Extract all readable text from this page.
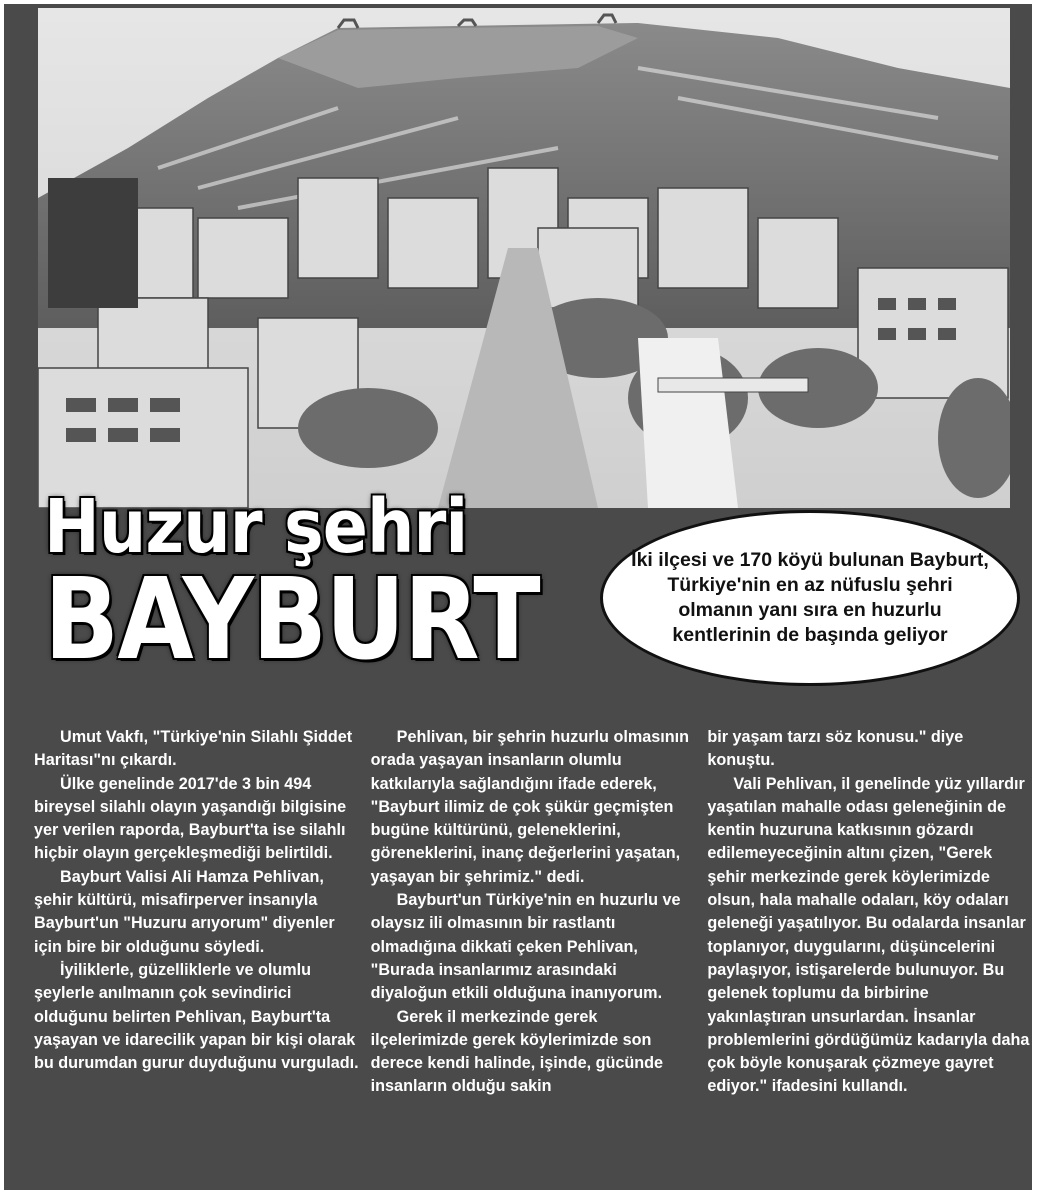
Huzur şehri
BAYBURT	İki ilçesi ve 170 köyü bulunan Bayburt, Türkiye'nin en az nüfuslu şehri olmanın yanı sıra en huzurlu kentlerinin de başında geliyor

Umut Vakfı, "Türkiye'nin Silahlı Şiddet Haritası"nı çıkardı.

Ülke genelinde 2017'de 3 bin 494 bireysel silahlı olayın yaşandığı bilgisine yer verilen raporda, Bayburt'ta ise silahlı hiçbir olayın gerçekleşmediği belirtildi.

Bayburt Valisi Ali Hamza Pehlivan, şehir kültürü, misafirperver insanıyla Bayburt'un "Huzuru arıyorum" diyenler için bire bir olduğunu söyledi.

İyiliklerle, güzelliklerle ve olumlu şeylerle anılmanın çok sevindirici olduğunu belirten Pehlivan, Bayburt'ta yaşayan ve idarecilik yapan bir kişi olarak bu durumdan gurur duyduğunu vurguladı.

Pehlivan, bir şehrin huzurlu olmasının orada yaşayan insanların olumlu katkılarıyla sağlandığını ifade ederek, "Bayburt ilimiz de çok şükür geçmişten bugüne kültürünü, geleneklerini, göreneklerini, inanç değerlerini yaşatan, yaşayan bir şehrimiz." dedi.

Bayburt'un Türkiye'nin en huzurlu ve olaysız ili olmasının bir rastlantı olmadığına dikkati çeken Pehlivan, "Burada insanlarımız arasındaki diyaloğun etkili olduğuna inanıyorum.

Gerek il merkezinde gerek ilçelerimizde gerek köylerimizde son derece kendi halinde, işinde, gücünde insanların olduğu sakin

bir yaşam tarzı söz konusu." diye konuştu.

Vali Pehlivan, il genelinde yüz yıllardır yaşatılan mahalle odası geleneğinin de kentin huzuruna katkısının gözardı edilemeyeceğinin altını çizen, "Gerek şehir merkezinde gerek köylerimizde olsun, hala mahalle odaları, köy odaları geleneği yaşatılıyor. Bu odalarda insanlar toplanıyor, duygularını, düşüncelerini paylaşıyor, istişarelerde bulunuyor. Bu gelenek toplumu da birbirine yakınlaştıran unsurlardan. İnsanlar problemlerini gördüğümüz kadarıyla daha çok böyle konuşarak çözmeye gayret ediyor." ifadesini kullandı.
